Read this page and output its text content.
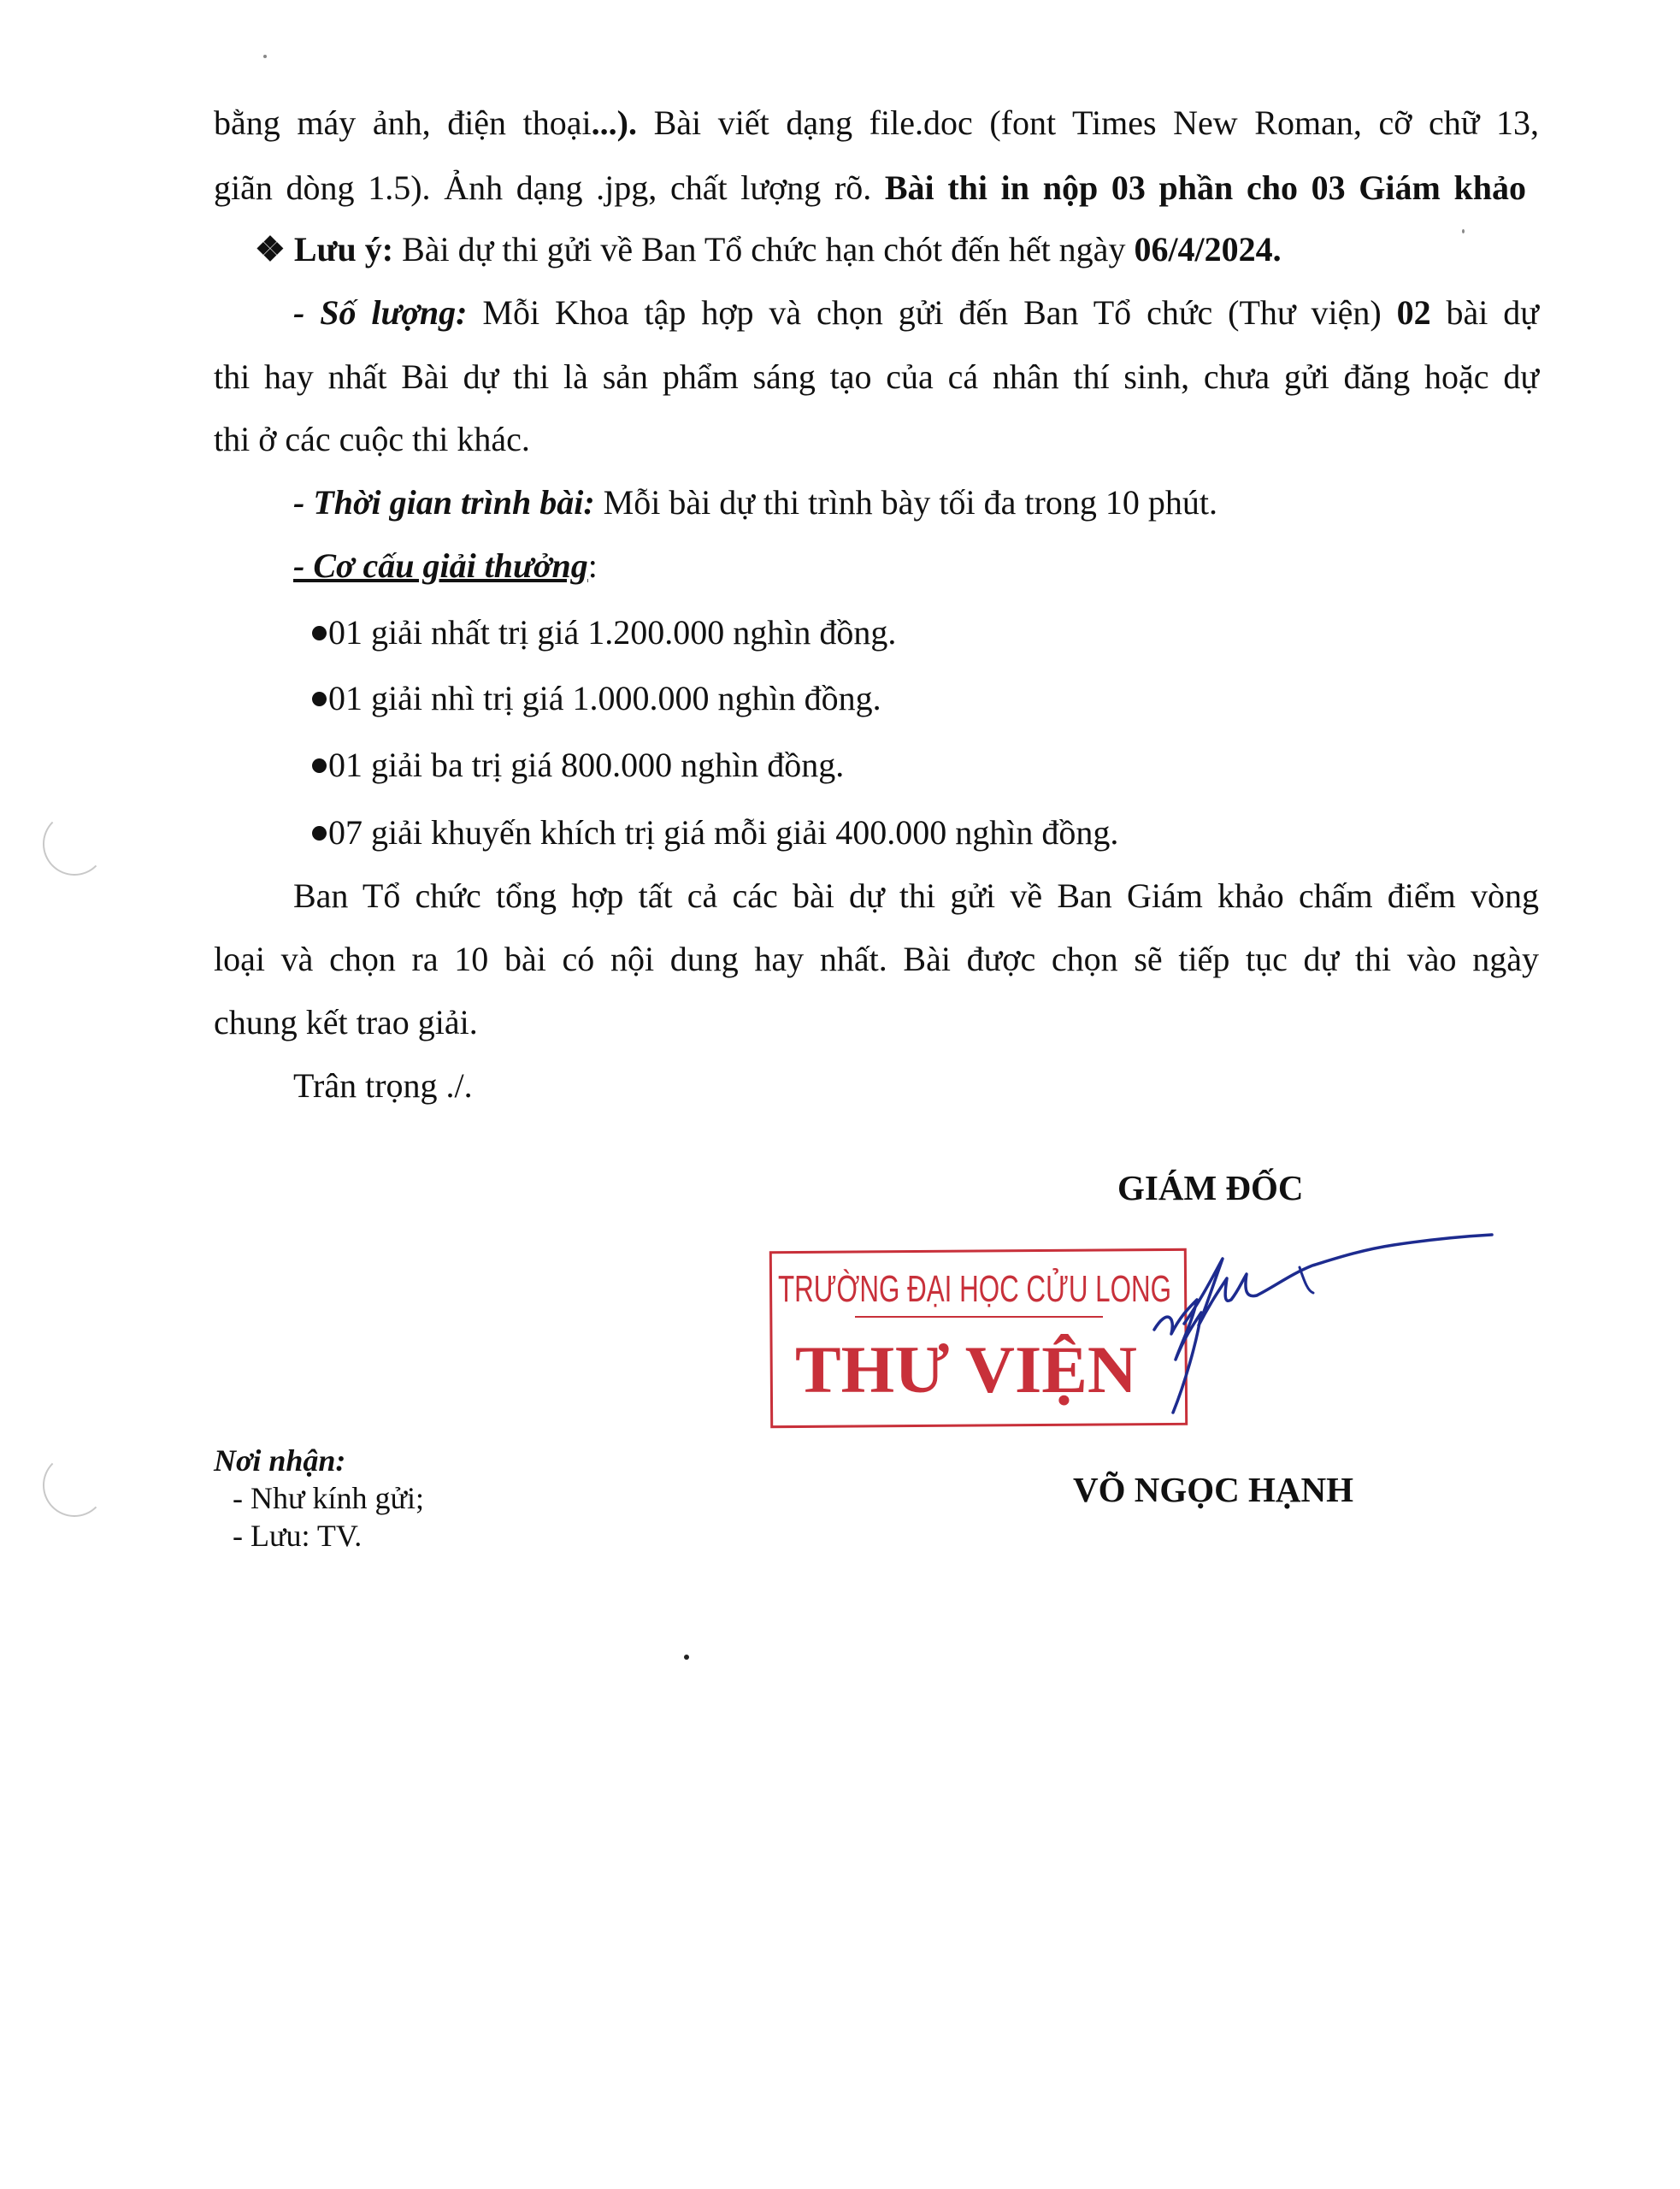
bằng máy ảnh, điện thoại...). Bài viết dạng file.doc (font Times New Roman, cỡ chữ 13,
giãn dòng 1.5). Ảnh dạng .jpg, chất lượng rõ. Bài thi in nộp 03 phần cho 03 Giám khảo
❖ Lưu ý: Bài dự thi gửi về Ban Tổ chức hạn chót đến hết ngày 06/4/2024.
- Số lượng: Mỗi Khoa tập hợp và chọn gửi đến Ban Tổ chức (Thư viện) 02 bài dự
thi hay nhất Bài dự thi là sản phẩm sáng tạo của cá nhân thí sinh, chưa gửi đăng hoặc dự
thi ở các cuộc thi khác.
- Thời gian trình bài: Mỗi bài dự thi trình bày tối đa trong 10 phút.
- Cơ cấu giải thưởng:
01 giải nhất trị giá 1.200.000 nghìn đồng.
01 giải nhì trị giá 1.000.000 nghìn đồng.
01 giải ba trị giá 800.000 nghìn đồng.
07 giải khuyến khích trị giá mỗi giải 400.000 nghìn đồng.
Ban Tổ chức tổng hợp tất cả các bài dự thi gửi về Ban Giám khảo chấm điểm vòng
loại và chọn ra 10 bài có nội dung hay nhất. Bài được chọn sẽ tiếp tục dự thi vào ngày
chung kết trao giải.
Trân trọng ./.
GIÁM ĐỐC
TRƯỜNG ĐẠI HỌC CỬU LONG
THƯ VIỆN
VÕ NGỌC HẠNH
Nơi nhận:
- Như kính gửi;
- Lưu: TV.
